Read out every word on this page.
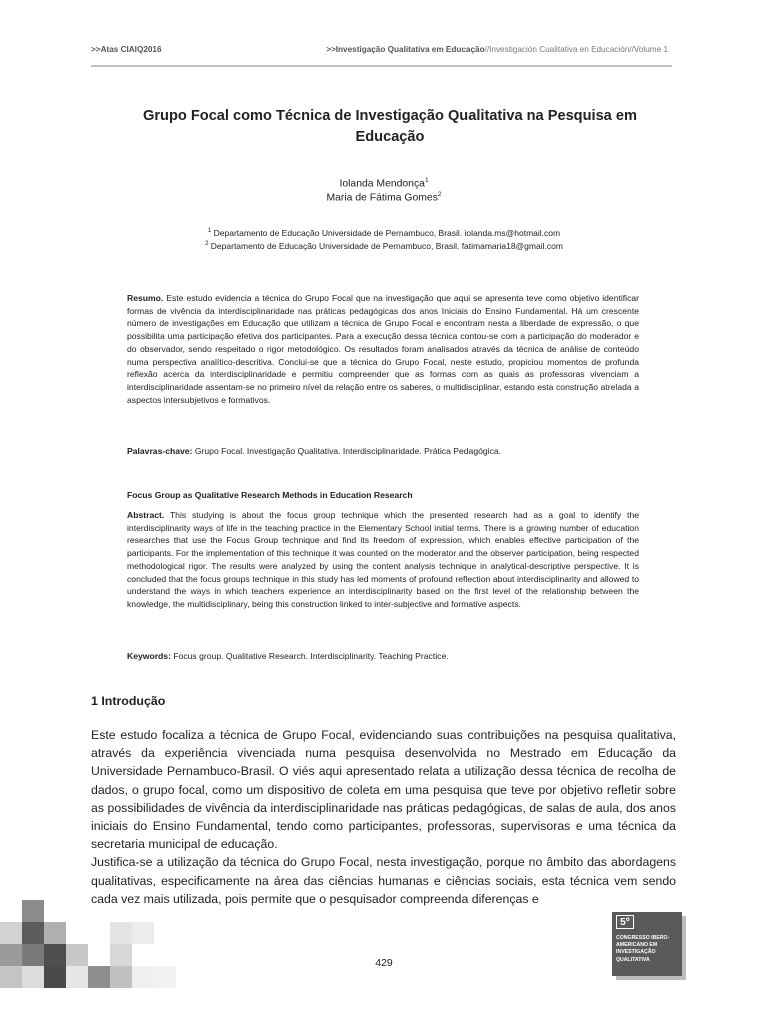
>>Atas CIAIQ2016	>>Investigação Qualitativa em Educação//Investigación Cualitativa en Educación//Volume 1
Grupo Focal como Técnica de Investigação Qualitativa na Pesquisa em Educação
Iolanda Mendonça$^1$
Maria de Fátima Gomes$^2$
$^1$ Departamento de Educação Universidade de Pernambuco, Brasil. iolanda.ms@hotmail.com
$^2$ Departamento de Educação Universidade de Pernambuco, Brasil. fatimamaria18@gmail.com
Resumo. Este estudo evidencia a técnica do Grupo Focal que na investigação que aqui se apresenta teve como objetivo identificar formas de vivência da interdisciplinaridade nas práticas pedagógicas dos anos Iniciais do Ensino Fundamental. Há um crescente número de investigações em Educação que utilizam a técnica de Grupo Focal e encontram nesta a liberdade de expressão, o que possibilita uma participação efetiva dos participantes. Para a execução dessa técnica contou-se com a participação do moderador e do observador, sendo respeitado o rigor metodológico. Os resultados foram analisados através da técnica de análise de conteúdo numa perspectiva analítico-descritiva. Conclui-se que a técnica do Grupo Focal, neste estudo, propiciou momentos de profunda reflexão acerca da interdisciplinaridade e permitiu compreender que as formas com as quais as professoras vivenciam a interdisciplinaridade assentam-se no primeiro nível da relação entre os saberes, o multidisciplinar, estando esta construção atrelada a aspectos intersubjetivos e formativos.
Palavras-chave: Grupo Focal. Investigação Qualitativa. Interdisciplinaridade. Prática Pedagógica.
Focus Group as Qualitative Research Methods in Education Research
Abstract. This studying is about the focus group technique which the presented research had as a goal to identify the interdisciplinarity ways of life in the teaching practice in the Elementary School initial terms. There is a growing number of education researches that use the Focus Group technique and find its freedom of expression, which enables effective participation of the participants. For the implementation of this technique it was counted on the moderator and the observer participation, being respected methodological rigor. The results were analyzed by using the content analysis technique in analytical-descriptive perspective. It is concluded that the focus groups technique in this study has led moments of profound reflection about interdisciplinarity and allowed to understand the ways in which teachers experience an interdisciplinarity based on the first level of the relationship between the knowledge, the multidisciplinary, being this construction linked to inter-subjective and formative aspects.
Keywords: Focus group. Qualitative Research. Interdisciplinarity. Teaching Practice.
1 Introdução

Este estudo focaliza a técnica de Grupo Focal, evidenciando suas contribuições na pesquisa qualitativa, através da experiência vivenciada numa pesquisa desenvolvida no Mestrado em Educação da Universidade Pernambuco-Brasil. O viés aqui apresentado relata a utilização dessa técnica de recolha de dados, o grupo focal, como um dispositivo de coleta em uma pesquisa que teve por objetivo refletir sobre as possibilidades de vivência da interdisciplinaridade nas práticas pedagógicas, de salas de aula, dos anos iniciais do Ensino Fundamental, tendo como participantes, professoras, supervisoras e uma técnica da secretaria municipal de educação.

Justifica-se a utilização da técnica do Grupo Focal, nesta investigação, porque no âmbito das abordagens qualitativas, especificamente na área das ciências humanas e ciências sociais, esta técnica vem sendo cada vez mais utilizada, pois permite que o pesquisador compreenda diferenças e

429
5º
CONGRESSO IBERO-
AMERICANO EM
INVESTIGAÇÃO
QUALITATIVA
